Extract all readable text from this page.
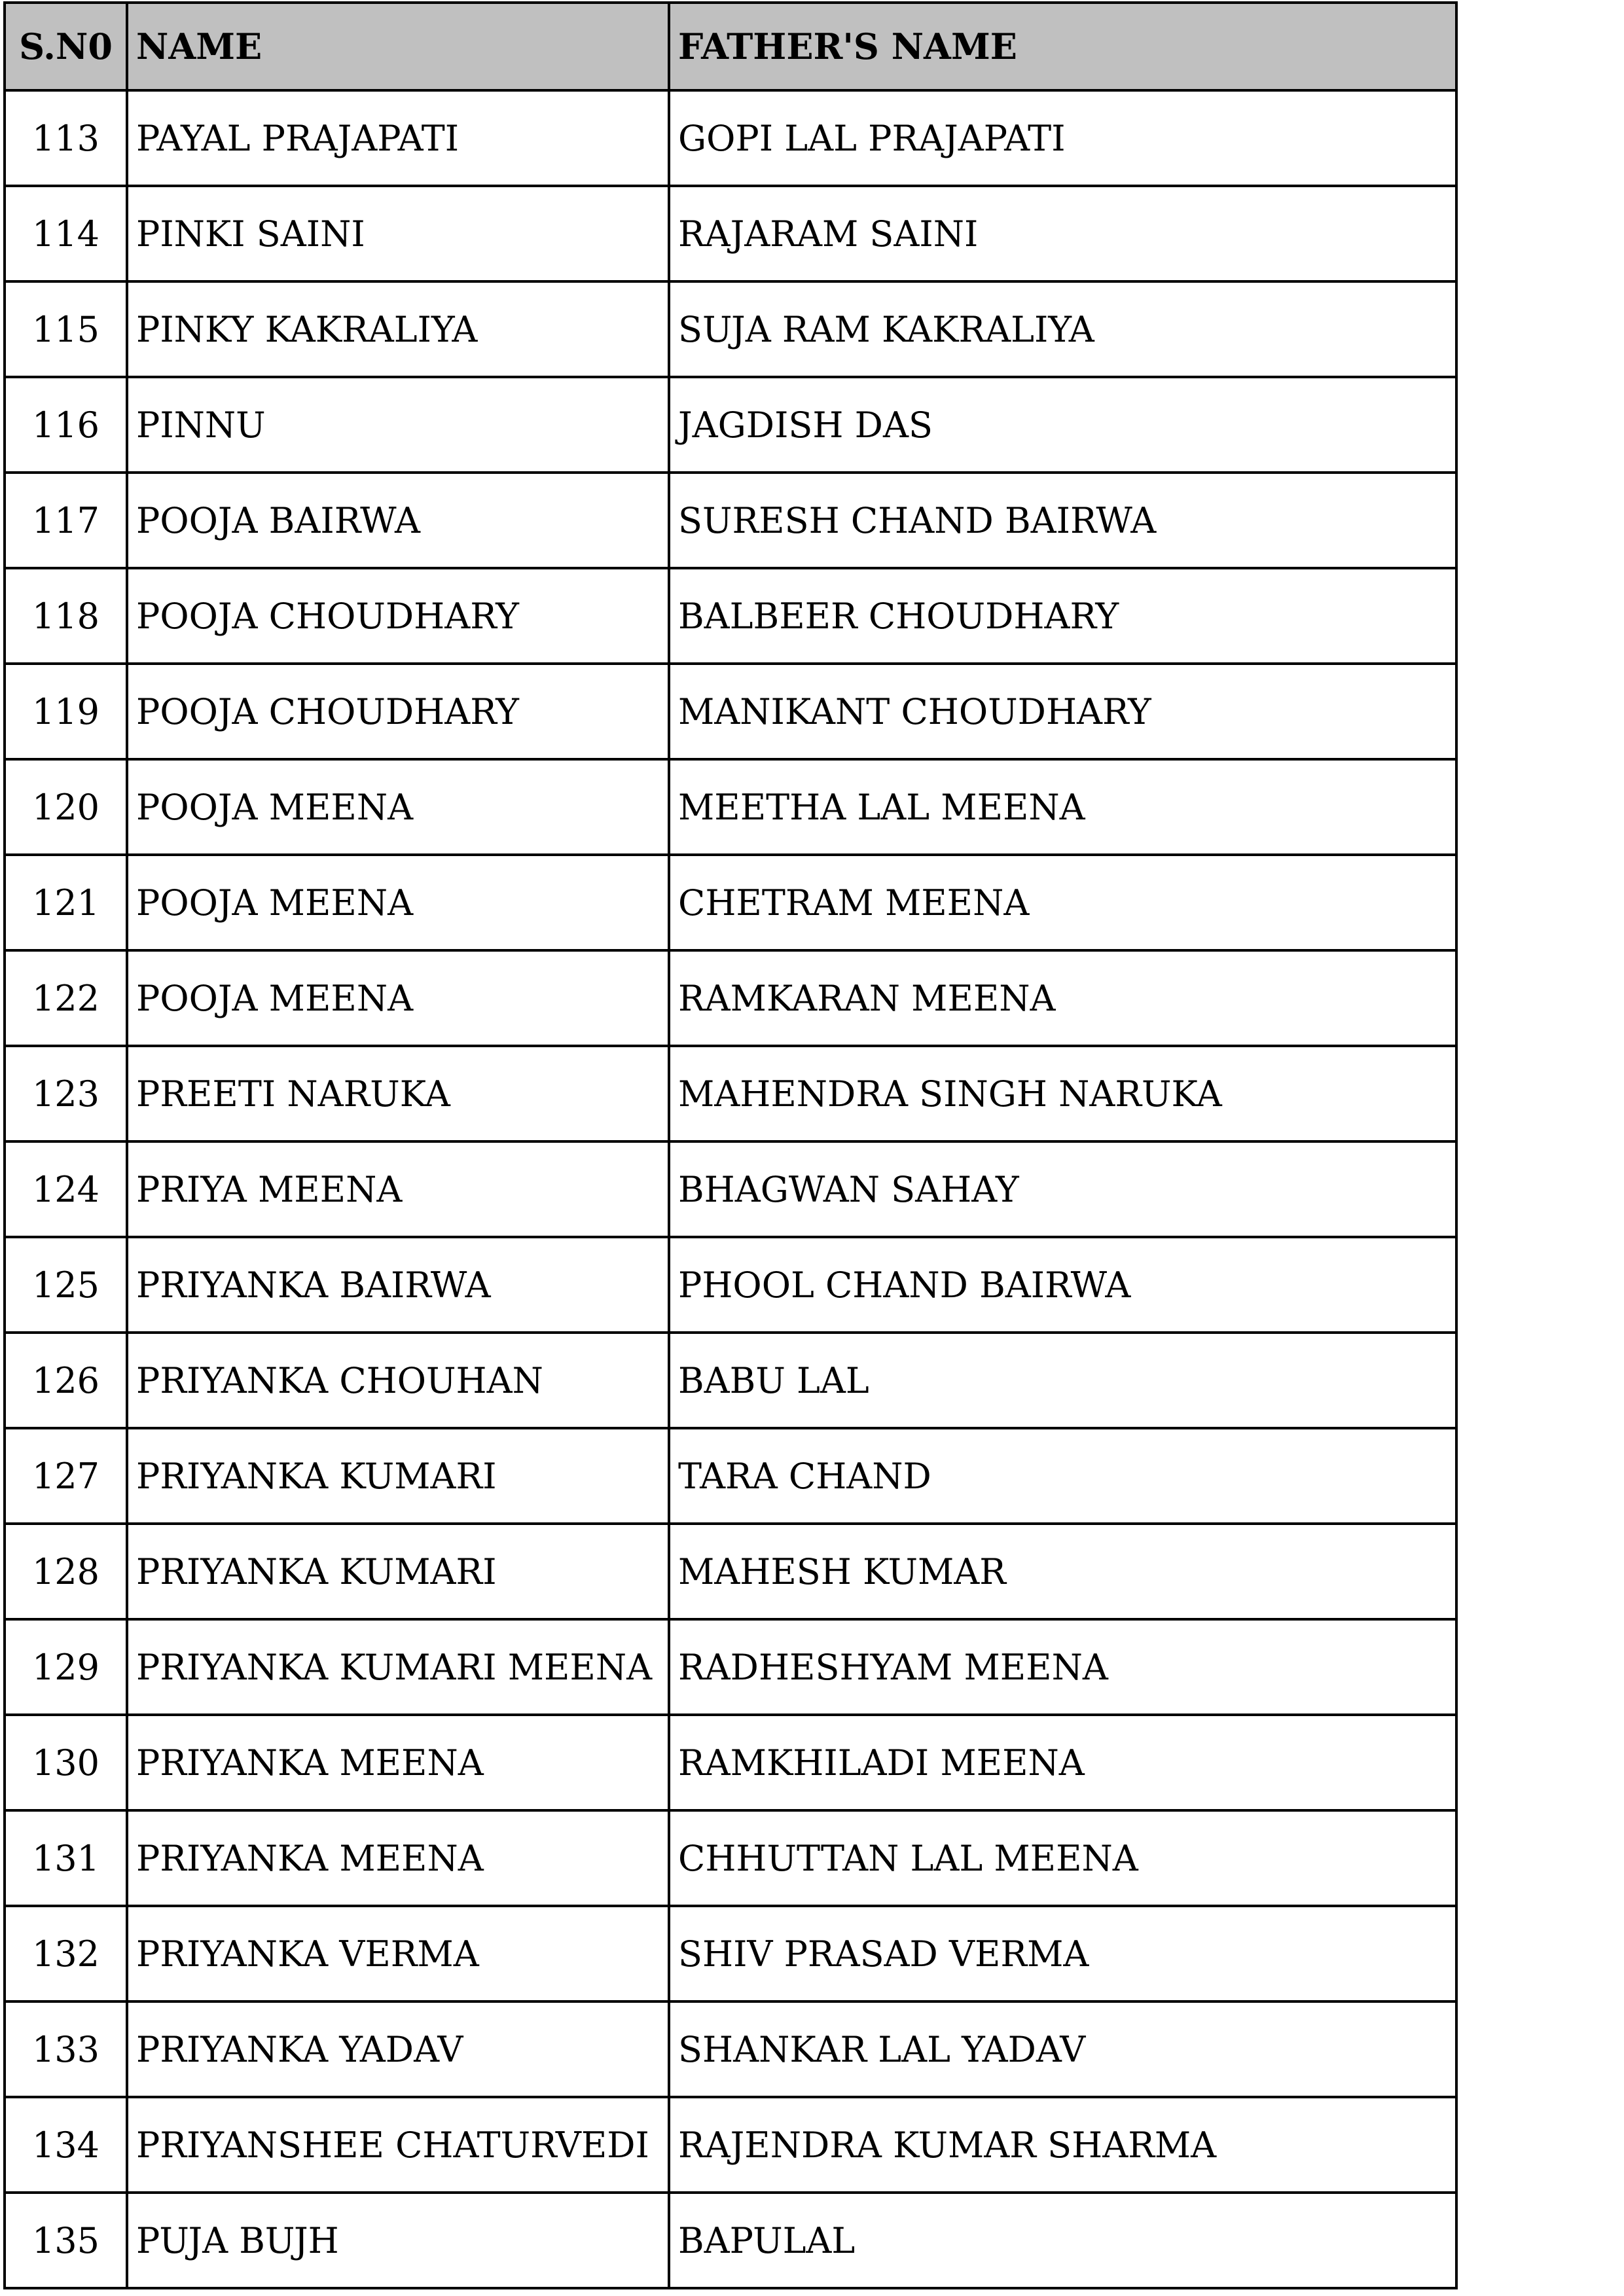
S.N0	NAME	FATHER'S NAME
113	PAYAL PRAJAPATI	GOPI LAL PRAJAPATI
114	PINKI SAINI	RAJARAM SAINI
115	PINKY KAKRALIYA	SUJA RAM KAKRALIYA
116	PINNU	JAGDISH DAS
117	POOJA BAIRWA	SURESH CHAND BAIRWA
118	POOJA CHOUDHARY	BALBEER CHOUDHARY
119	POOJA CHOUDHARY	MANIKANT CHOUDHARY
120	POOJA MEENA	MEETHA LAL MEENA
121	POOJA MEENA	CHETRAM MEENA
122	POOJA MEENA	RAMKARAN MEENA
123	PREETI NARUKA	MAHENDRA SINGH NARUKA
124	PRIYA MEENA	BHAGWAN SAHAY
125	PRIYANKA BAIRWA	PHOOL CHAND BAIRWA
126	PRIYANKA CHOUHAN	BABU LAL
127	PRIYANKA KUMARI	TARA CHAND
128	PRIYANKA KUMARI	MAHESH KUMAR
129	PRIYANKA KUMARI MEENA	RADHESHYAM MEENA
130	PRIYANKA MEENA	RAMKHILADI MEENA
131	PRIYANKA MEENA	CHHUTTAN LAL MEENA
132	PRIYANKA VERMA	SHIV PRASAD VERMA
133	PRIYANKA YADAV	SHANKAR LAL YADAV
134	PRIYANSHEE CHATURVEDI	RAJENDRA KUMAR SHARMA
135	PUJA BUJH	BAPULAL
